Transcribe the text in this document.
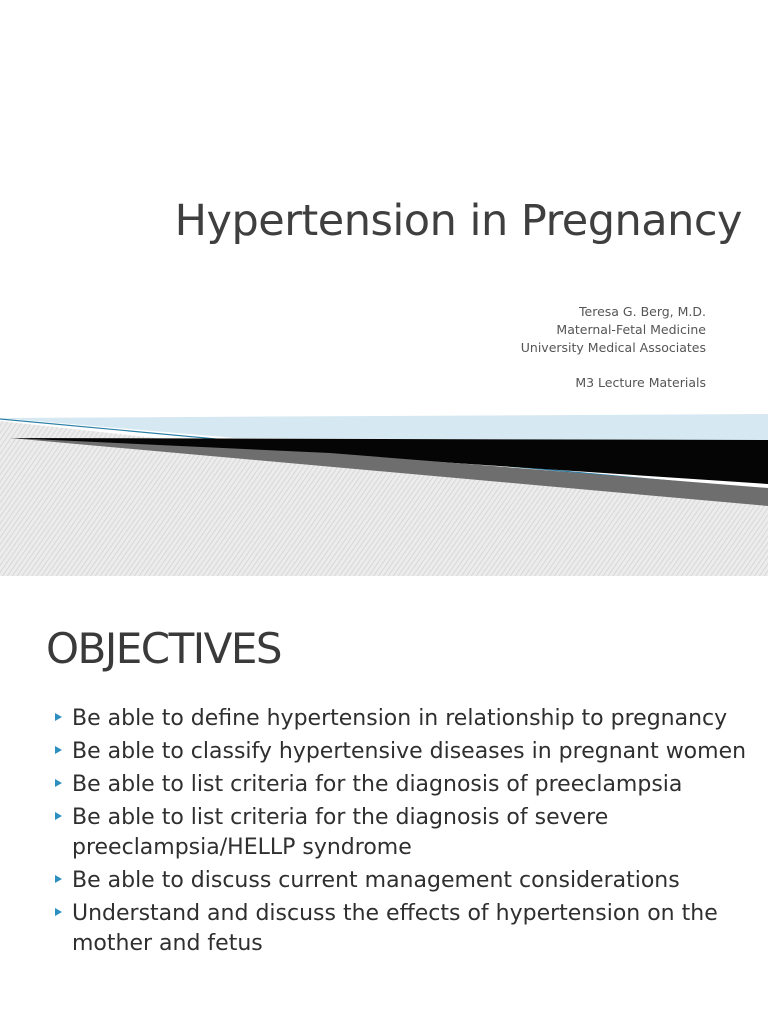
Hypertension in Pregnancy
Teresa G. Berg, M.D.
Maternal-Fetal Medicine
University Medical Associates
M3 Lecture Materials
OBJECTIVES
Be able to define hypertension in relationship to pregnancy
Be able to classify hypertensive diseases in pregnant women
Be able to list criteria for the diagnosis of preeclampsia
Be able to list criteria for the diagnosis of severe preeclampsia/HELLP syndrome
Be able to discuss current management considerations
Understand and discuss the effects of hypertension on the mother and fetus
